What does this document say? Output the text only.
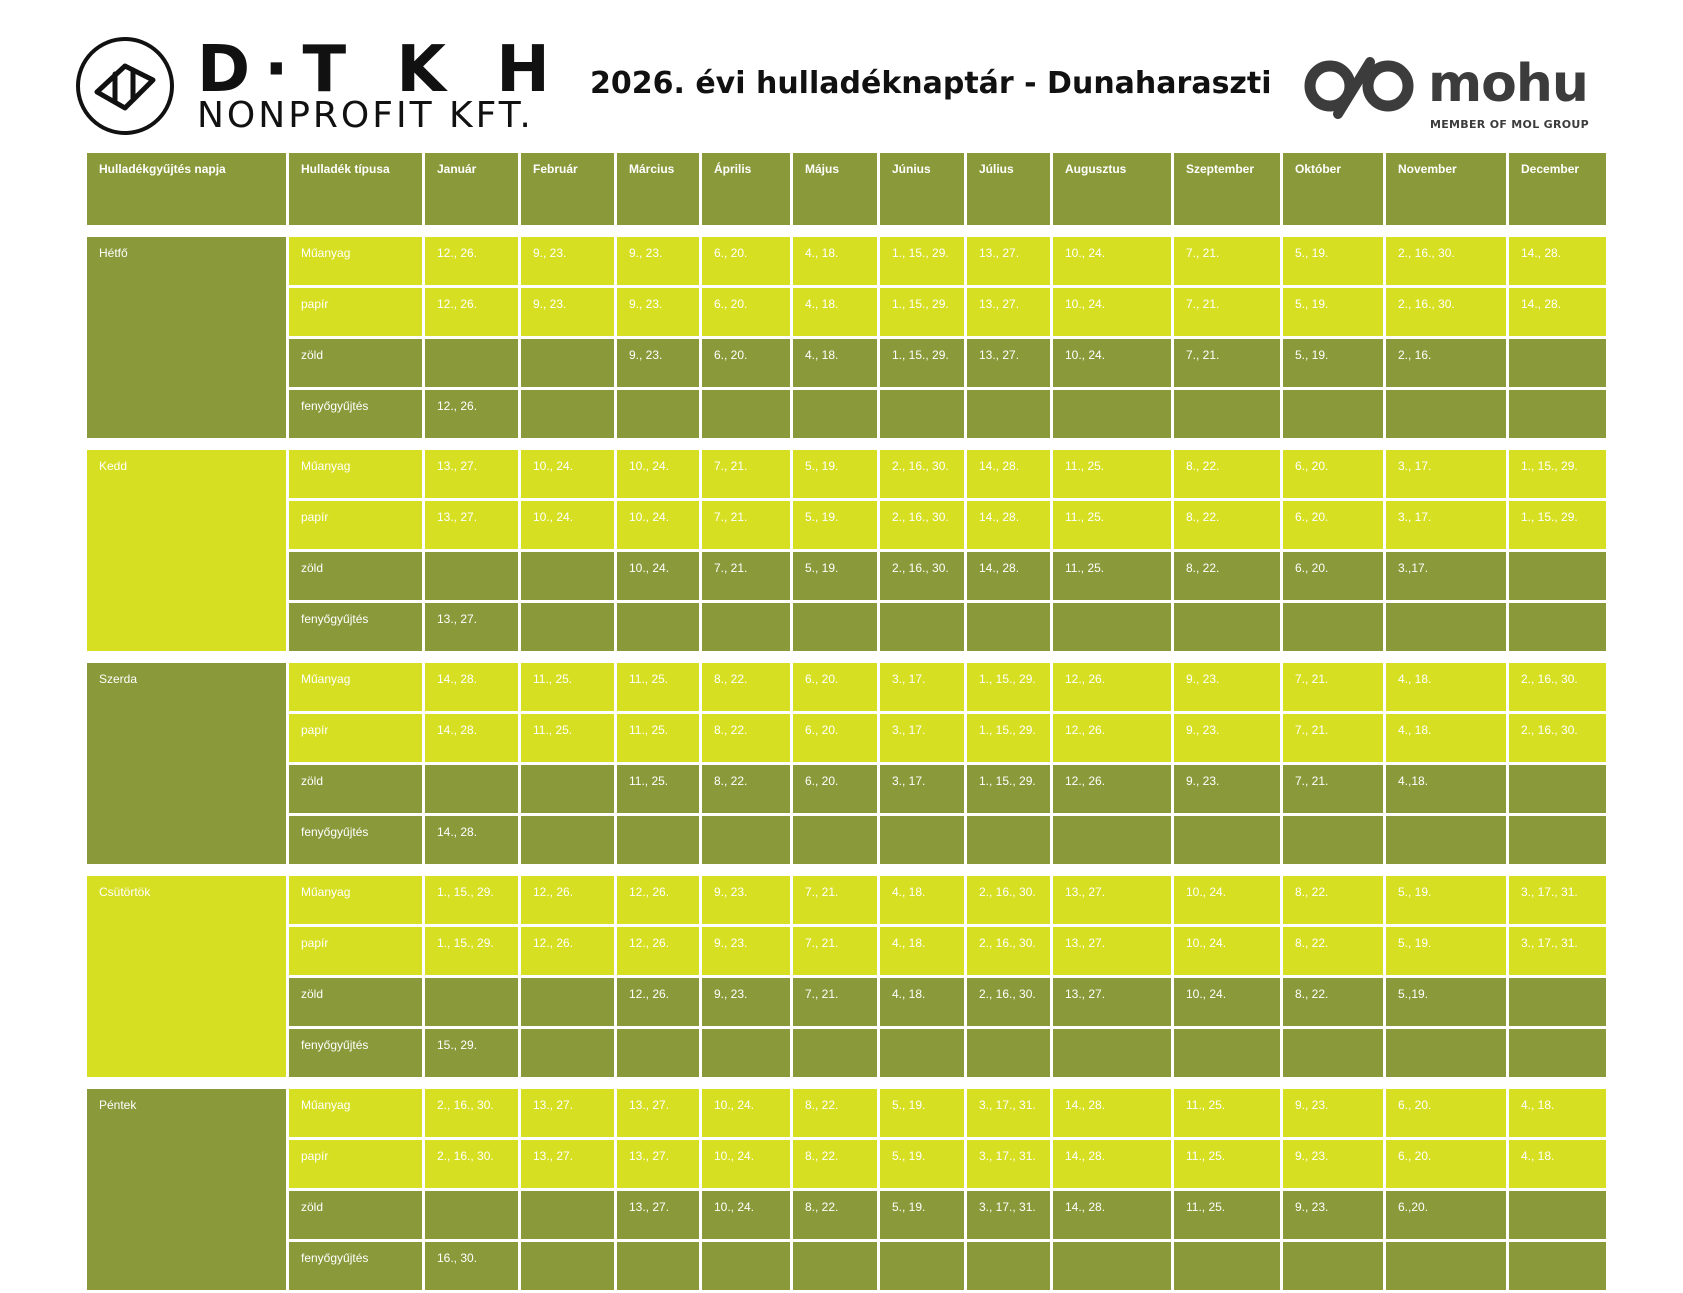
D·T K H
NONPROFIT KFT.
2026. évi hulladéknaptár - Dunaharaszti	mohu
MEMBER OF MOL GROUP
Hulladékgyűjtés napja	Hulladék típusa	Január	Február	Március	Április	Május	Június	Július	Augusztus	Szeptember	Október	November	December

Hétfő	Műanyag	12., 26.	9., 23.	9., 23.	6., 20.	4., 18.	1., 15., 29.	13., 27.	10., 24.	7., 21.	5., 19.	2., 16., 30.	14., 28.
	papír	12., 26.	9., 23.	9., 23.	6., 20.	4., 18.	1., 15., 29.	13., 27.	10., 24.	7., 21.	5., 19.	2., 16., 30.	14., 28.
	zöld			9., 23.	6., 20.	4., 18.	1., 15., 29.	13., 27.	10., 24.	7., 21.	5., 19.	2., 16.	
	fenyőgyűjtés	12., 26.											

Kedd	Műanyag	13., 27.	10., 24.	10., 24.	7., 21.	5., 19.	2., 16., 30.	14., 28.	11., 25.	8., 22.	6., 20.	3., 17.	1., 15., 29.
	papír	13., 27.	10., 24.	10., 24.	7., 21.	5., 19.	2., 16., 30.	14., 28.	11., 25.	8., 22.	6., 20.	3., 17.	1., 15., 29.
	zöld			10., 24.	7., 21.	5., 19.	2., 16., 30.	14., 28.	11., 25.	8., 22.	6., 20.	3.,17.	
	fenyőgyűjtés	13., 27.											

Szerda	Műanyag	14., 28.	11., 25.	11., 25.	8., 22.	6., 20.	3., 17.	1., 15., 29.	12., 26.	9., 23.	7., 21.	4., 18.	2., 16., 30.
	papír	14., 28.	11., 25.	11., 25.	8., 22.	6., 20.	3., 17.	1., 15., 29.	12., 26.	9., 23.	7., 21.	4., 18.	2., 16., 30.
	zöld			11., 25.	8., 22.	6., 20.	3., 17.	1., 15., 29.	12., 26.	9., 23.	7., 21.	4.,18.	
	fenyőgyűjtés	14., 28.											

Csütörtök	Műanyag	1., 15., 29.	12., 26.	12., 26.	9., 23.	7., 21.	4., 18.	2., 16., 30.	13., 27.	10., 24.	8., 22.	5., 19.	3., 17., 31.
	papír	1., 15., 29.	12., 26.	12., 26.	9., 23.	7., 21.	4., 18.	2., 16., 30.	13., 27.	10., 24.	8., 22.	5., 19.	3., 17., 31.
	zöld			12., 26.	9., 23.	7., 21.	4., 18.	2., 16., 30.	13., 27.	10., 24.	8., 22.	5.,19.	
	fenyőgyűjtés	15., 29.											

Péntek	Műanyag	2., 16., 30.	13., 27.	13., 27.	10., 24.	8., 22.	5., 19.	3., 17., 31.	14., 28.	11., 25.	9., 23.	6., 20.	4., 18.
	papír	2., 16., 30.	13., 27.	13., 27.	10., 24.	8., 22.	5., 19.	3., 17., 31.	14., 28.	11., 25.	9., 23.	6., 20.	4., 18.
	zöld			13., 27.	10., 24.	8., 22.	5., 19.	3., 17., 31.	14., 28.	11., 25.	9., 23.	6.,20.	
	fenyőgyűjtés	16., 30.											
